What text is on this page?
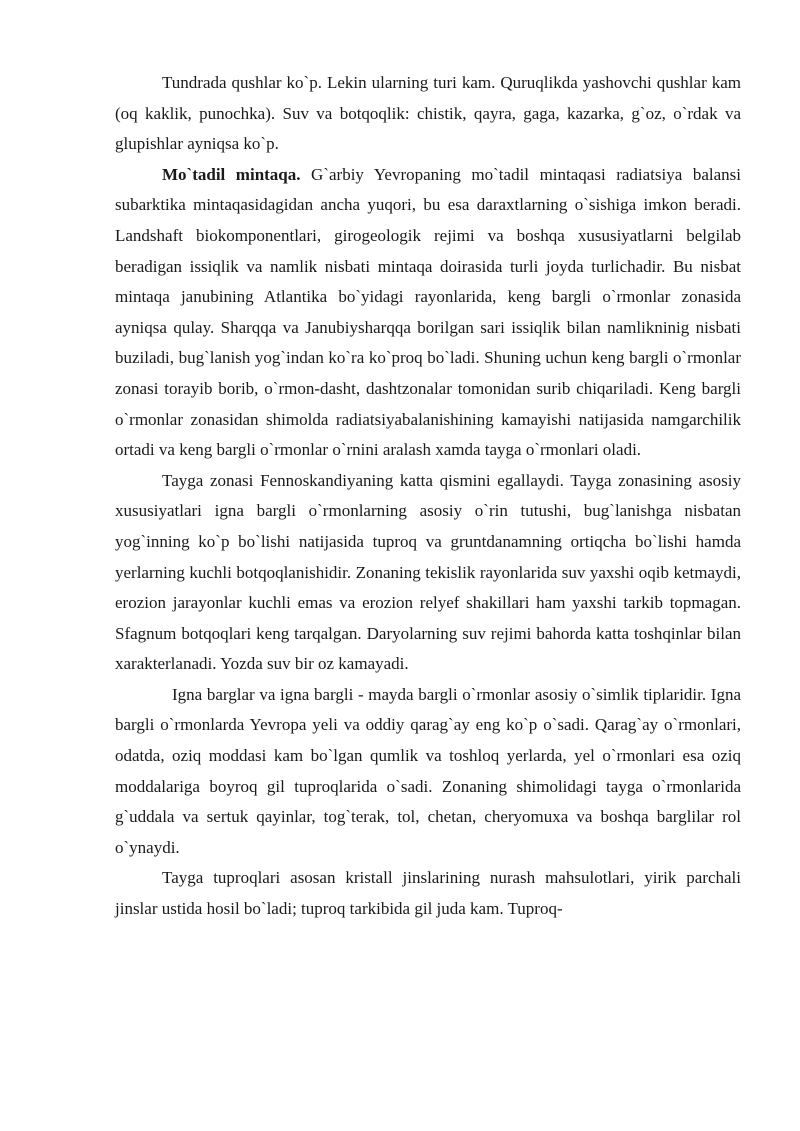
Tundrada qushlar ko`p. Lekin ularning turi kam. Quruqlikda yashovchi qushlar kam (oq kaklik, punochka). Suv va botqoqlik: chistik, qayra, gaga, kazarka, g`oz, o`rdak va glupishlar ayniqsa ko`p.

Mo`tadil mintaqa. G`arbiy Yevropaning mo`tadil mintaqasi radiatsiya balansi subarktika mintaqasidagidan ancha yuqori, bu esa daraxtlarning o`sishiga imkon beradi. Landshaft biokomponentlari, girogeologik rejimi va boshqa xususiyatlarni belgilab beradigan issiqlik va namlik nisbati mintaqa doirasida turli joyda turlichadir. Bu nisbat mintaqa janubining Atlantika bo`yidagi rayonlarida, keng bargli o`rmonlar zonasida ayniqsa qulay. Sharqqa va Janubiysharqqa borilgan sari issiqlik bilan namlikninig nisbati buziladi, bug`lanish yog`indan ko`ra ko`proq bo`ladi. Shuning uchun keng bargli o`rmonlar zonasi torayib borib, o`rmon-dasht, dashtzonalar tomonidan surib chiqariladi. Keng bargli o`rmonlar zonasidan shimolda radiatsiyabalanishining kamayishi natijasida namgarchilik ortadi va keng bargli o`rmonlar o`rnini aralash xamda tayga o`rmonlari oladi.

Tayga zonasi Fennoskandiyaning katta qismini egallaydi. Tayga zonasining asosiy xususiyatlari igna bargli o`rmonlarning asosiy o`rin tutushi, bug`lanishga nisbatan yog`inning ko`p bo`lishi natijasida tuproq va gruntdanamning ortiqcha bo`lishi hamda yerlarning kuchli botqoqlanishidir. Zonaning tekislik rayonlarida suv yaxshi oqib ketmaydi, erozion jarayonlar kuchli emas va erozion relyef shakillari ham yaxshi tarkib topmagan. Sfagnum botqoqlari keng tarqalgan. Daryolarning suv rejimi bahorda katta toshqinlar bilan xarakterlanadi. Yozda suv bir oz kamayadi.

Igna barglar va igna bargli - mayda bargli o`rmonlar asosiy o`simlik tiplaridir. Igna bargli o`rmonlarda Yevropa yeli va oddiy qarag`ay eng ko`p o`sadi. Qarag`ay o`rmonlari, odatda, oziq moddasi kam bo`lgan qumlik va toshloq yerlarda, yel o`rmonlari esa oziq moddalariga boyroq gil tuproqlarida o`sadi. Zonaning shimolidagi tayga o`rmonlarida g`uddala va sertuk qayinlar, tog`terak, tol, chetan, cheryomuxa va boshqa barglilar rol o`ynaydi.

Tayga tuproqlari asosan kristall jinslarining nurash mahsulotlari, yirik parchali jinslar ustida hosil bo`ladi; tuproq tarkibida gil juda kam. Tuproq-
